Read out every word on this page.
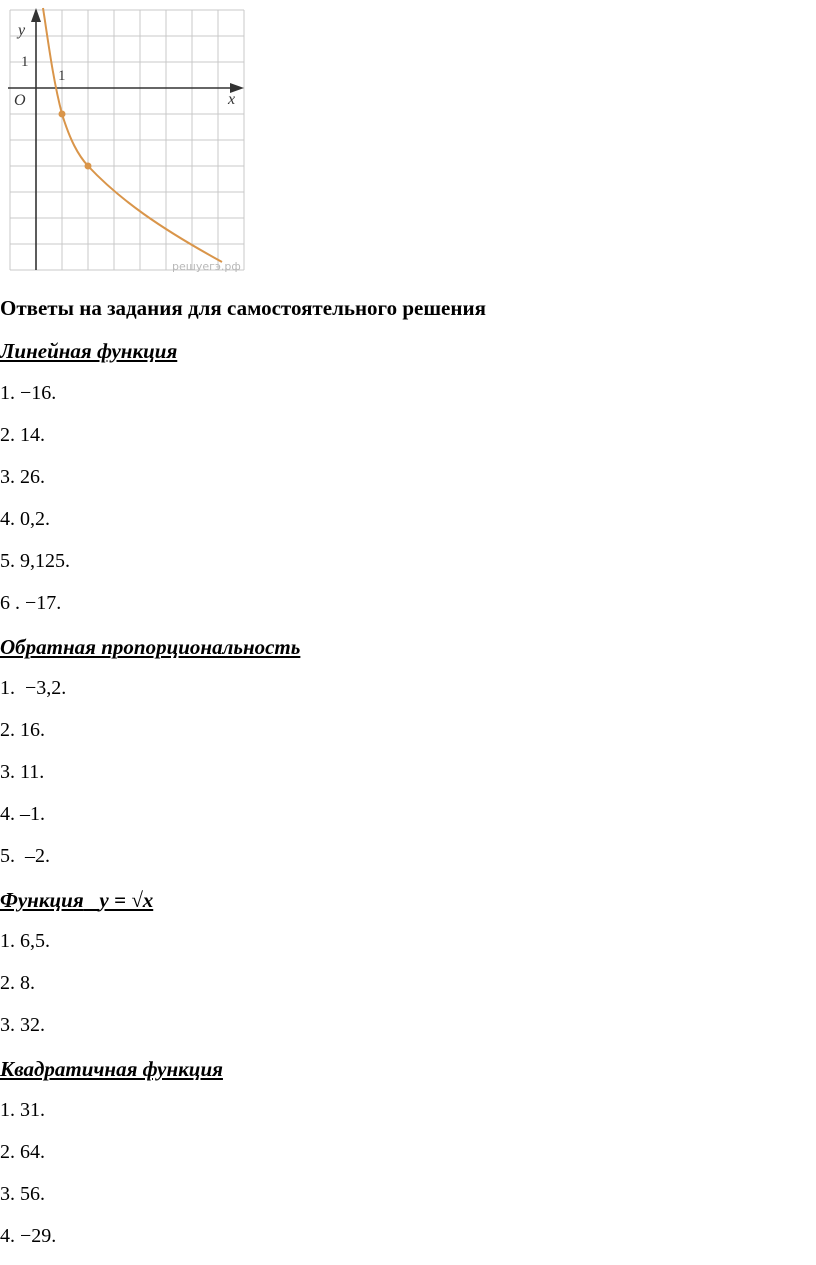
y
x
O
1
1
решуегэ.рф
Ответы на задания для самостоятельного решения
Линейная функция
1. −16.
2. 14.
3. 26.
4. 0,2.
5. 9,125.
6 . −17.
Обратная пропорциональность
1.  −3,2.
2. 16.
3. 11.
4. –1.
5.  –2.
Функция y = √x
1. 6,5.
2. 8.
3. 32.
Квадратичная функция
1. 31.
2. 64.
3. 56.
4. −29.
